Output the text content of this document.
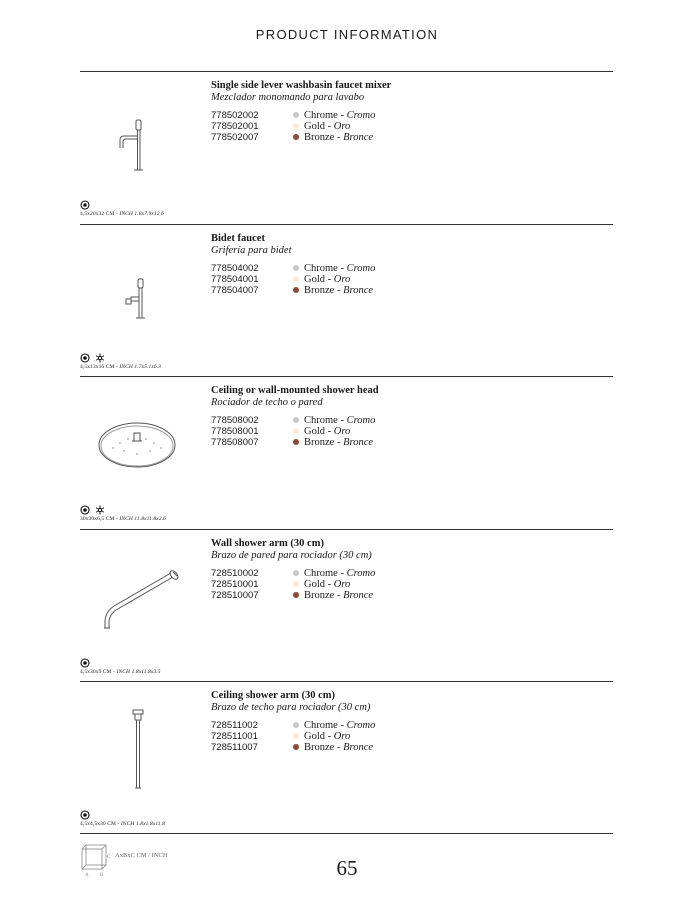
PRODUCT INFORMATION
Single side lever washbasin faucet mixer
Mezclador monomando para lavabo
778502002	Chrome - Cromo
778502001	Gold - Oro
778502007	Bronze - Bronce
4,5x20x32 CM - INCH 1.8x7.9x12.6
Bidet faucet
Grifería para bidet
778504002	Chrome - Cromo
778504001	Gold - Oro
778504007	Bronze - Bronce

4,5x13x16 CM - INCH 1.7x5.1x6.3
Ceiling or wall-mounted shower head
Rociador de techo o pared
778508002	Chrome - Cromo
778508001	Gold - Oro
778508007	Bronze - Bronce

30x30x6,5 CM - INCH 11.8x11.8x2.6
Wall shower arm (30 cm)
Brazo de pared para rociador (30 cm)
728510002	Chrome - Cromo
728510001	Gold - Oro
728510007	Bronze - Bronce
4,5x30x9 CM - INCH 1.8x11.8x3.5
Ceiling shower arm (30 cm)
Brazo de techo para rociador (30 cm)
728511002	Chrome - Cromo
728511001	Gold - Oro
728511007	Bronze - Bronce
4,5x4,5x30 CM - INCH 1.8x1.8x11.8
A B
C AxBxC CM / INCH
65
